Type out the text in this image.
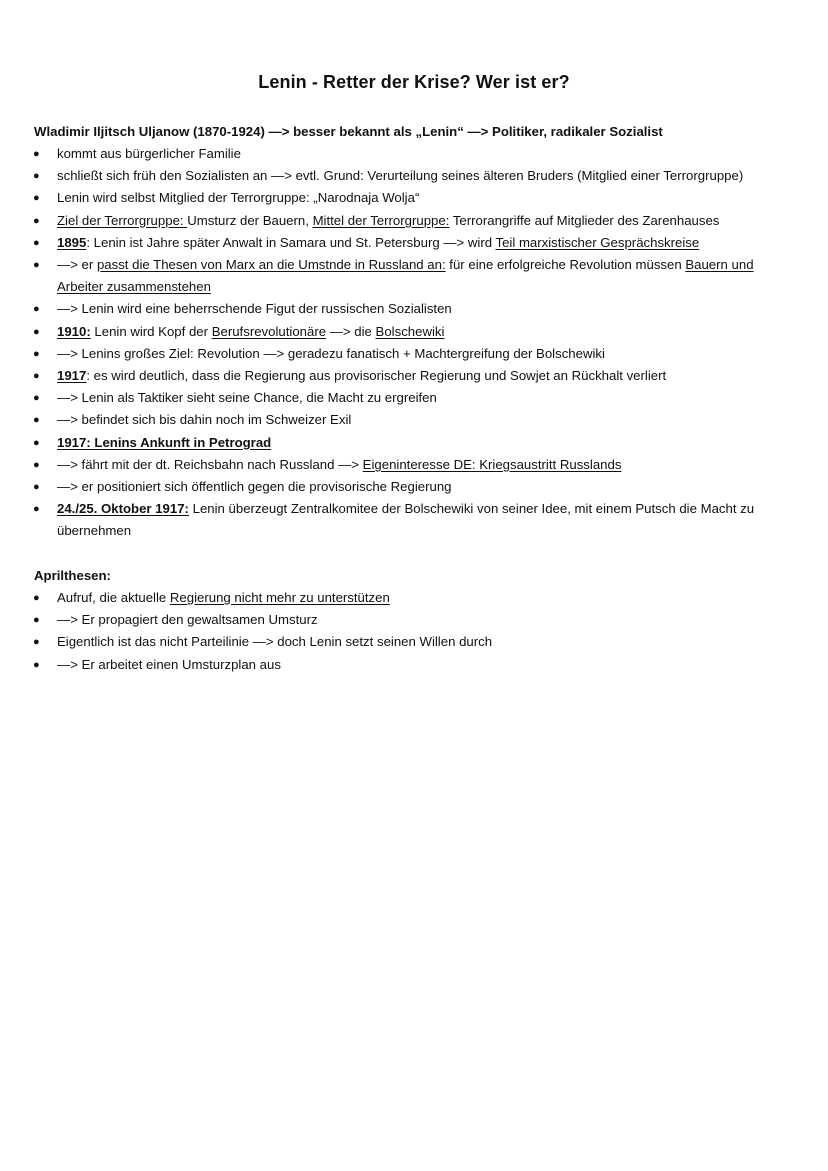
Lenin - Retter der Krise? Wer ist er?
Wladimir Iljitsch Uljanow (1870-1924) —> besser bekannt als „Lenin“ —> Politiker, radikaler Sozialist
● kommt aus bürgerlicher Familie
● schließt sich früh den Sozialisten an —> evtl. Grund: Verurteilung seines älteren Bruders (Mitglied einer Terrorgruppe)
● Lenin wird selbst Mitglied der Terrorgruppe: „Narodnaja Wolja“
● Ziel der Terrorgruppe: Umsturz der Bauern, Mittel der Terrorgruppe: Terrorangriffe auf Mitglieder des Zarenhauses
● 1895: Lenin ist Jahre später Anwalt in Samara und St. Petersburg —> wird Teil marxistischer Gesprächskreise
● —> er passt die Thesen von Marx an die Umstnde in Russland an: für eine erfolgreiche Revolution müssen Bauern und Arbeiter zusammenstehen
● —> Lenin wird eine beherrschende Figut der russischen Sozialisten
● 1910: Lenin wird Kopf der Berufsrevolutionäre —> die Bolschewiki
● —> Lenins großes Ziel: Revolution —> geradezu fanatisch + Machtergreifung der Bolschewiki
● 1917: es wird deutlich, dass die Regierung aus provisorischer Regierung und Sowjet an Rückhalt verliert
● —> Lenin als Taktiker sieht seine Chance, die Macht zu ergreifen
● —> befindet sich bis dahin noch im Schweizer Exil
● 1917: Lenins Ankunft in Petrograd
● —> fährt mit der dt. Reichsbahn nach Russland —> Eigeninteresse DE: Kriegsaustritt Russlands
● —> er positioniert sich öffentlich gegen die provisorische Regierung
● 24./25. Oktober 1917: Lenin überzeugt Zentralkomitee der Bolschewiki von seiner Idee, mit einem Putsch die Macht zu übernehmen
Aprilthesen:
● Aufruf, die aktuelle Regierung nicht mehr zu unterstützen
● —> Er propagiert den gewaltsamen Umsturz
● Eigentlich ist das nicht Parteilinie —> doch Lenin setzt seinen Willen durch
● —> Er arbeitet einen Umsturzplan aus
